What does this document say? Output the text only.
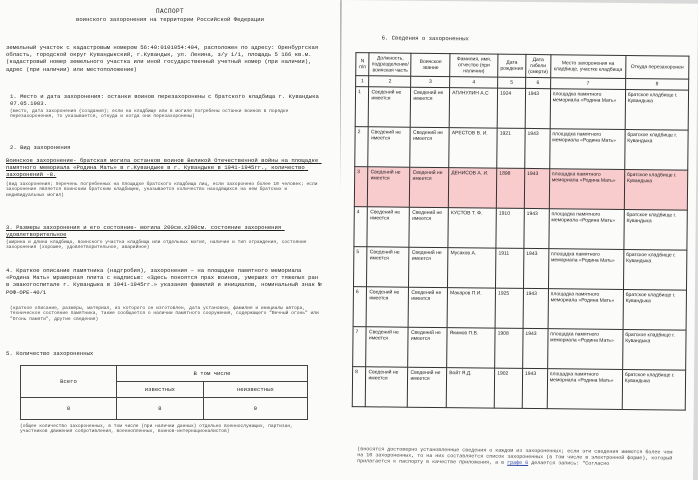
ПАСПОРТ
воинского захоронения на территории Российской Федерации
земельный участок с кадастровым номером 56:40:0101054:404, расположен по адресу: Оренбургская область, городской округ Кувандыкский, г.Кувандык, ул. Ленина, з/у 1/1, площадь 5 166 кв.м. (кадастровый номер земельного участка или иной государственный учетный номер (при наличии), адрес (при наличии) или местоположение)
1. Место и дата захоронения: останки воинов перезахоронены с братского кладбища г. Кувандыка 07.05.1983.
(место, дата захоронения (создания); если на кладбище или в могиле погребены останки воинов в порядке перезахоронения, то указывается, откуда и когда они перезахоронены)
2. Вид захоронения
Воинское захоронение- братская могила останков воинов Великой Отечественной войны на площадке памятного мемориала «Родина Мать» в г.Кувандыке в г. Кувандыке в 1941-1945гг., количество захоронений -8.
(вид захоронения; перечень погребенных на площадке братского кладбища лиц, если захоронено более 10 человек; если захоронение является воинским братским кладбищем, указывается количество находящихся на нем братских и индивидуальных могил)
3. Размеры захоронения и его состояние- могила 200см.х200см. состояние захоронения удовлетворительное
(ширина и длина кладбища, воинского участка кладбища или отдельных могил, наличие и тип ограждения, состояние захоронения (хорошее, удовлетворительное, аварийное)
4. Краткое описание памятника (надгробия), захоронения – на площадке памятного мемориала «Родина Мать» мраморная плита с надписью: «Здесь покоятся прах воинов, умерших от тяжелых ран в эвакогоспитале г. Кувандыка в 1941-1945гг.» указания фамилий и инициалов, номинальный знак № РОФ-ОРЕ-40/1
(краткое описание, размеры, материал, из которого он изготовлен, дата установки, фамилия и инициалы автора, техническое состояние памятника, также сообщается о наличии памятного сооружения, содержащего "Вечный огонь" или "Огонь памяти", другие сведения)
5. Количество захороненных
Всего	В том числе	
	известных	неизвестных
8	8	0
(общее количество захороненных, в том числе (при наличии данных) отдельно военнослужащих, партизан, участников движения сопротивления, военнопленных, воинов-интернационалистов)
6. Сведения о захороненных
N п/п	Должность, подразделение/воинская часть	Воинское звание	Фамилия, имя, отчество (при наличии)	Дата рождения	Дата гибели (смерти)	Место захоронения на кладбище, участке кладбища	Откуда перезахоронен
1	2	3	4	5	6	7	8
1	Сведений не имеется	Сведений не имеется	АГИНУЛИН А.С	1924	1943	площадка памятного мемориала «Родина Мать»	братское кладбище г. Кувандыка
2	Сведений не имеется	Сведений не имеется	АРЕСТОВ В. И.	1921	1943	площадка памятного мемориала «Родина Мать»	братское кладбище г. Кувандыка
3	Сведений не имеется	Сведений не имеется	ДЕНИСОВ А. И.	1898	1943	площадка памятного мемориала «Родина Мать»	братское кладбище г. Кувандыка
4	Сведений не имеется	Сведений не имеется	КУСТОВ Т. Ф.	1910	1943	площадка памятного мемориала «Родина Мать»	братское кладбище г. Кувандыка
5	Сведений не имеется	Сведений не имеется	Мусаков А.	1911	1943	площадка памятного мемориала «Родина Мать»	братское кладбище г. Кувандыка
6	Сведений не имеется	Сведений не имеется	Макаров П.И.	1925	1943	площадка памятного мемориала «Родина Мать»	братское кладбище г. Кувандыка
7	Сведений не имеется	Сведений не имеется	Якимов П.В.	1908	1943	площадка памятного мемориала «Родина Мать»	братское кладбище г. Кувандыка
8	Сведений не имеется	Сведений не имеется	Войт Я.Д.	1902	1943	площадка памятного мемориала «Родина Мать»	братское кладбище г. Кувандыка
(вносятся достоверно установленные сведения о каждом из захороненных; если эти сведения имеются более чем на 10 захороненных, то на них составляется список захороненных (в том числе в электронной форме), который прилагается к паспорту в качестве приложения, а в графе 6 делается запись: "Согласно
